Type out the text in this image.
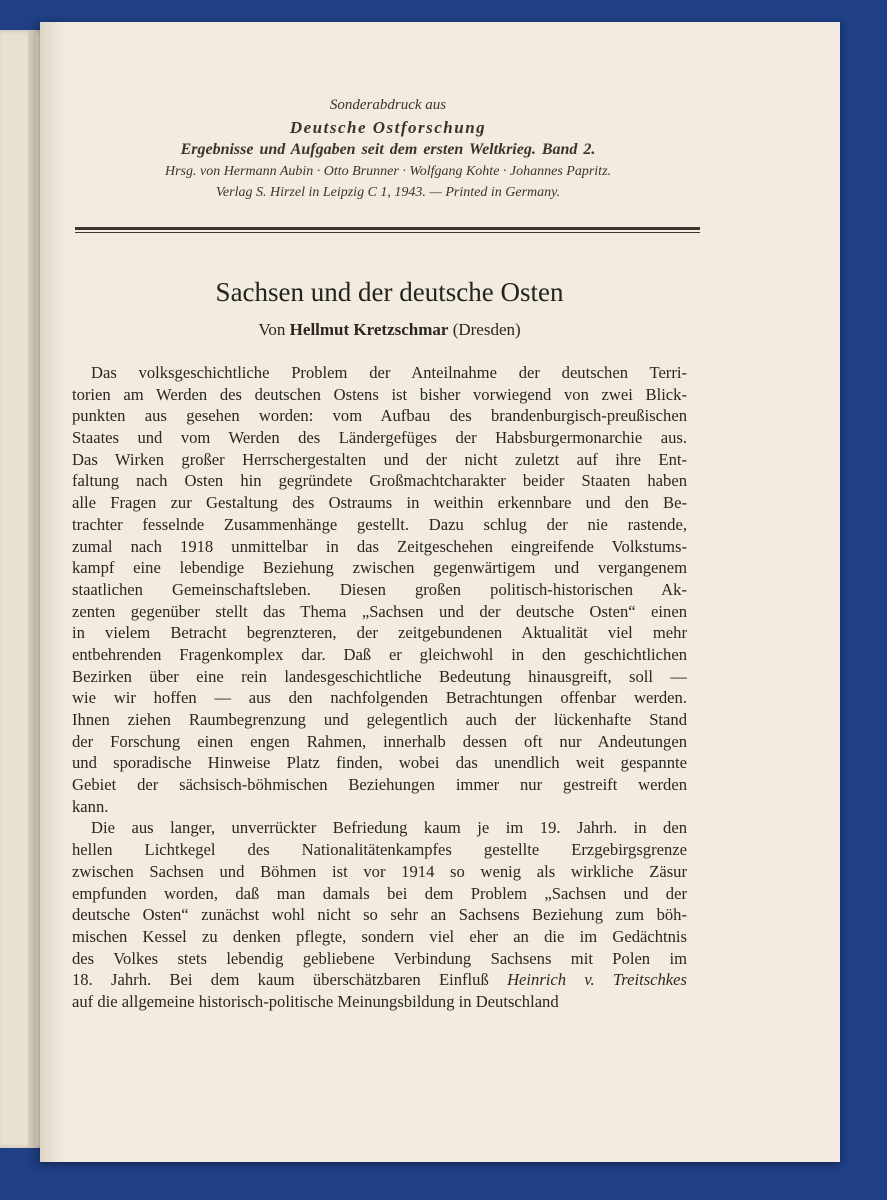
Sonderabdruck aus
Deutsche Ostforschung
Ergebnisse und Aufgaben seit dem ersten Weltkrieg. Band 2.
Hrsg. von Hermann Aubin · Otto Brunner · Wolfgang Kohte · Johannes Papritz.
Verlag S. Hirzel in Leipzig C 1, 1943. — Printed in Germany.
Sachsen und der deutsche Osten
Von Hellmut Kretzschmar (Dresden)
Das volksgeschichtliche Problem der Anteilnahme der deutschen Terri-
torien am Werden des deutschen Ostens ist bisher vorwiegend von zwei Blick-
punkten aus gesehen worden: vom Aufbau des brandenburgisch-preußischen
Staates und vom Werden des Ländergefüges der Habsburgermonarchie aus.
Das Wirken großer Herrschergestalten und der nicht zuletzt auf ihre Ent-
faltung nach Osten hin gegründete Großmachtcharakter beider Staaten haben
alle Fragen zur Gestaltung des Ostraums in weithin erkennbare und den Be-
trachter fesselnde Zusammenhänge gestellt. Dazu schlug der nie rastende,
zumal nach 1918 unmittelbar in das Zeitgeschehen eingreifende Volkstums-
kampf eine lebendige Beziehung zwischen gegenwärtigem und vergangenem
staatlichen Gemeinschaftsleben. Diesen großen politisch-historischen Ak-
zenten gegenüber stellt das Thema „Sachsen und der deutsche Osten“ einen
in vielem Betracht begrenzteren, der zeitgebundenen Aktualität viel mehr
entbehrenden Fragenkomplex dar. Daß er gleichwohl in den geschichtlichen
Bezirken über eine rein landesgeschichtliche Bedeutung hinausgreift, soll —
wie wir hoffen — aus den nachfolgenden Betrachtungen offenbar werden.
Ihnen ziehen Raumbegrenzung und gelegentlich auch der lückenhafte Stand
der Forschung einen engen Rahmen, innerhalb dessen oft nur Andeutungen
und sporadische Hinweise Platz finden, wobei das unendlich weit gespannte
Gebiet der sächsisch-böhmischen Beziehungen immer nur gestreift werden
kann.
Die aus langer, unverrückter Befriedung kaum je im 19. Jahrh. in den
hellen Lichtkegel des Nationalitätenkampfes gestellte Erzgebirgsgrenze
zwischen Sachsen und Böhmen ist vor 1914 so wenig als wirkliche Zäsur
empfunden worden, daß man damals bei dem Problem „Sachsen und der
deutsche Osten“ zunächst wohl nicht so sehr an Sachsens Beziehung zum böh-
mischen Kessel zu denken pflegte, sondern viel eher an die im Gedächtnis
des Volkes stets lebendig gebliebene Verbindung Sachsens mit Polen im
18. Jahrh. Bei dem kaum überschätzbaren Einfluß Heinrich v. Treitschkes
auf die allgemeine historisch-politische Meinungsbildung in Deutschland
